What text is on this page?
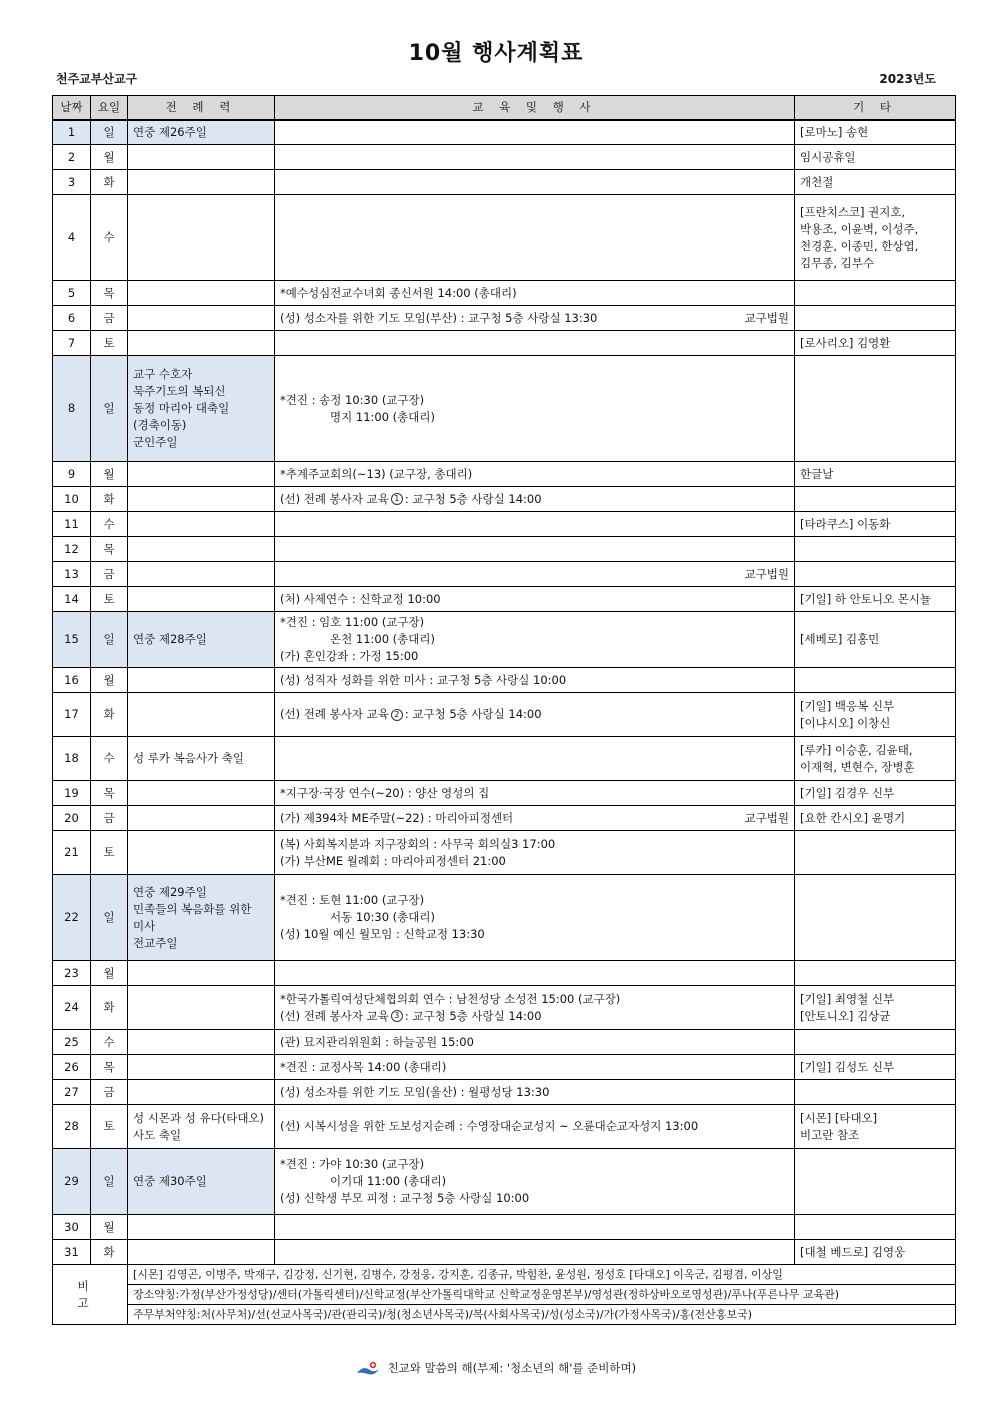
10월 행사계획표
천주교부산교구	2023년도
날짜	요일	전 례 력	교 육 및 행 사	기 타
1	일	연중 제26주일		[로마노] 송현

2	월			임시공휴일

3	화			개천절

4	수			[프란치스코] 권지호,
박용조, 이윤벽, 이성주,
천경훈, 이종민, 한상엽,
김무종, 김부수

5	목		*예수성심전교수녀회 종신서원 14:00 (총대리)	

6	금		(성) 성소자를 위한 기도 모임(부산) : 교구청 5층 사랑실 13:30 교구법원	

7	토			[로사리오] 김영환

8	일	교구 수호자
묵주기도의 복되신
동정 마리아 대축일
(경축이동)
군인주일	*견진 : 송정 10:30 (교구장)
명지 11:00 (총대리)	

9	월		*추계주교회의(~13) (교구장, 총대리)	한글날

10	화		(선) 전례 봉사자 교육 1 : 교구청 5층 사랑실 14:00	

11	수			[타라쿠스] 이동화

12	목			
13	금		교구법원	

14	토		(처) 사제연수 : 신학교정 10:00	[기일] 하 안토니오 몬시뇰

15	일	연중 제28주일	*견진 : 임호 11:00 (교구장)
온천 11:00 (총대리)
(가) 혼인강좌 : 가정 15:00	[세베로] 김홍민

16	월		(성) 성직자 성화를 위한 미사 : 교구청 5층 사랑실 10:00	

17	화		(선) 전례 봉사자 교육 2 : 교구청 5층 사랑실 14:00	[기일] 백응복 신부
[이냐시오] 이창신

18	수	성 루카 복음사가 축일		[루카] 이승훈, 김윤태,
이재혁, 변현수, 장병훈

19	목		*지구장·국장 연수(~20) : 양산 영성의 집	[기일] 김경우 신부

20	금		(가) 제394차 ME주말(~22) : 마리아피정센터 교구법원	[요한 칸시오] 윤명기

21	토		(복) 사회복지분과 지구장회의 : 사무국 회의실3 17:00
(가) 부산ME 월례회 : 마리아피정센터 21:00	

22	일	연중 제29주일
민족들의 복음화를 위한
미사
전교주일	*견진 : 토현 11:00 (교구장)
서동 10:30 (총대리)
(성) 10월 예신 월모임 : 신학교정 13:30	

23	월			
24	화		*한국가톨릭여성단체협의회 연수 : 남천성당 소성전 15:00 (교구장)
(선) 전례 봉사자 교육 3 : 교구청 5층 사랑실 14:00	[기일] 최영철 신부
[안토니오] 김상균

25	수		(관) 묘지관리위원회 : 하늘공원 15:00	

26	목		*견진 : 교정사목 14:00 (총대리)	[기일] 김성도 신부

27	금		(성) 성소자를 위한 기도 모임(울산) : 월평성당 13:30	

28	토	성 시몬과 성 유다(타대오)
사도 축일	(선) 시복시성을 위한 도보성지순례 : 수영장대순교성지 ~ 오륜대순교자성지 13:00	[시몬] [타대오]
비고란 참조

29	일	연중 제30주일	*견진 : 가야 10:30 (교구장)
이기대 11:00 (총대리)
(성) 신학생 부모 피정 : 교구청 5층 사랑실 10:00	

30	월			
31	화			[대철 베드로] 김영웅

비 고		[시몬] 김영곤, 이병주, 박재구, 김강정, 신기현, 김병수, 강정웅, 강지훈, 김종규, 박힘찬, 윤성원, 정성호 [타대오] 이옥군, 김평겸, 이상일		
		장소약칭:가정(부산가정성당)/센터(가톨릭센터)/신학교정(부산가톨릭대학교 신학교정운영본부)/영성관(정하상바오로영성관)/푸나(푸른나무 교육관)		
		주무부처약칭:처(사무처)/선(선교사목국)/관(관리국)/청(청소년사목국)/복(사회사목국)/성(성소국)/가(가정사목국)/홍(전산홍보국)		
친교와 말씀의 해(부제: '청소년의 해'를 준비하며)
